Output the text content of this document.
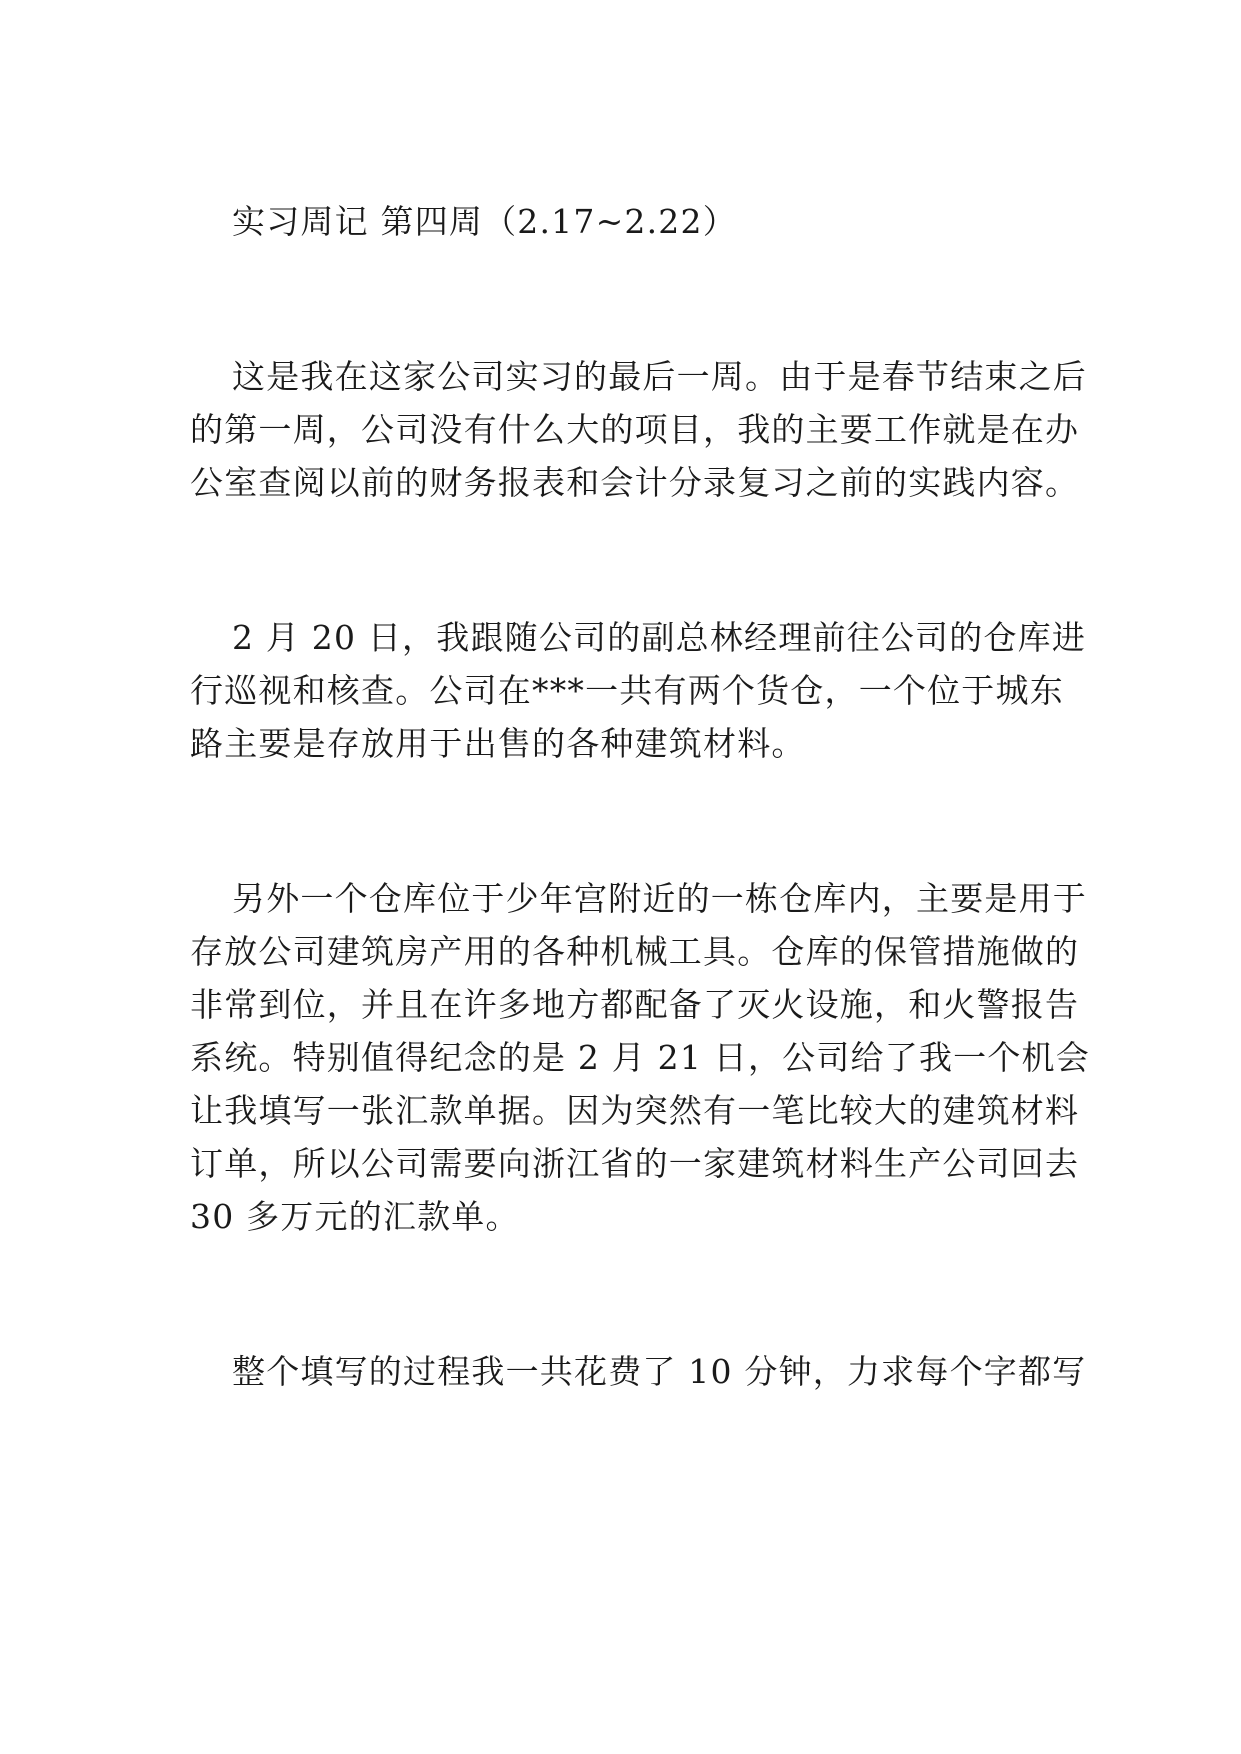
实习周记 第四周（2.17~2.22）
这是我在这家公司实习的最后一周。由于是春节结束之后
的第一周，公司没有什么大的项目，我的主要工作就是在办
公室查阅以前的财务报表和会计分录复习之前的实践内容。
2 月 20 日，我跟随公司的副总林经理前往公司的仓库进
行巡视和核查。公司在***一共有两个货仓，一个位于城东
路主要是存放用于出售的各种建筑材料。
另外一个仓库位于少年宫附近的一栋仓库内，主要是用于
存放公司建筑房产用的各种机械工具。仓库的保管措施做的
非常到位，并且在许多地方都配备了灭火设施，和火警报告
系统。特别值得纪念的是 2 月 21 日，公司给了我一个机会
让我填写一张汇款单据。因为突然有一笔比较大的建筑材料
订单，所以公司需要向浙江省的一家建筑材料生产公司回去
30 多万元的汇款单。
整个填写的过程我一共花费了 10 分钟，力求每个字都写
